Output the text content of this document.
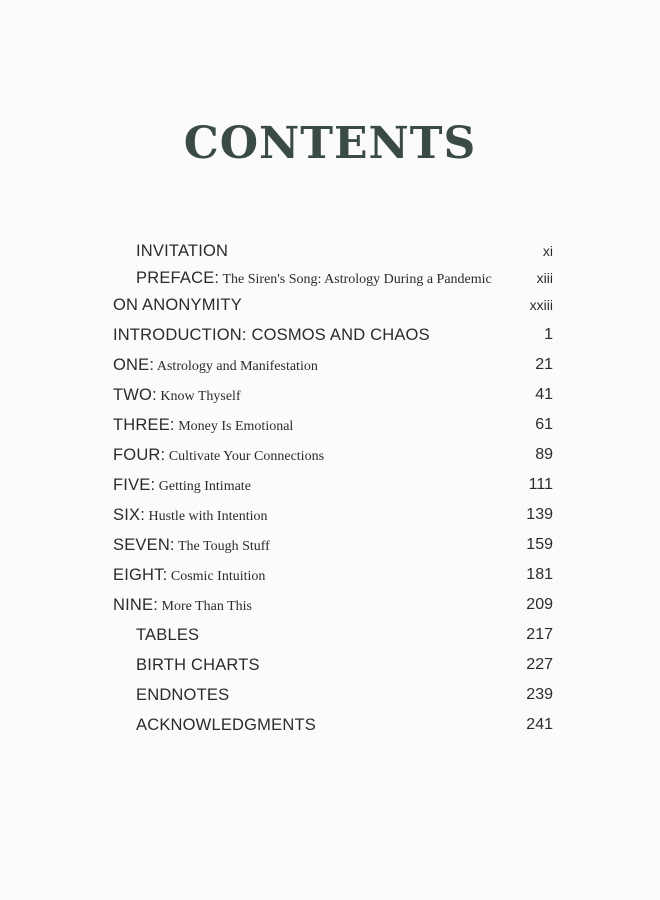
CONTENTS
INVITATION	xi
PREFACE: The Siren's Song: Astrology During a Pandemic	xiii
ON ANONYMITY	xxiii
INTRODUCTION: COSMOS AND CHAOS	1
ONE: Astrology and Manifestation	21
TWO: Know Thyself	41
THREE: Money Is Emotional	61
FOUR: Cultivate Your Connections	89
FIVE: Getting Intimate	111
SIX: Hustle with Intention	139
SEVEN: The Tough Stuff	159
EIGHT: Cosmic Intuition	181
NINE: More Than This	209
TABLES	217
BIRTH CHARTS	227
ENDNOTES	239
ACKNOWLEDGMENTS	241
